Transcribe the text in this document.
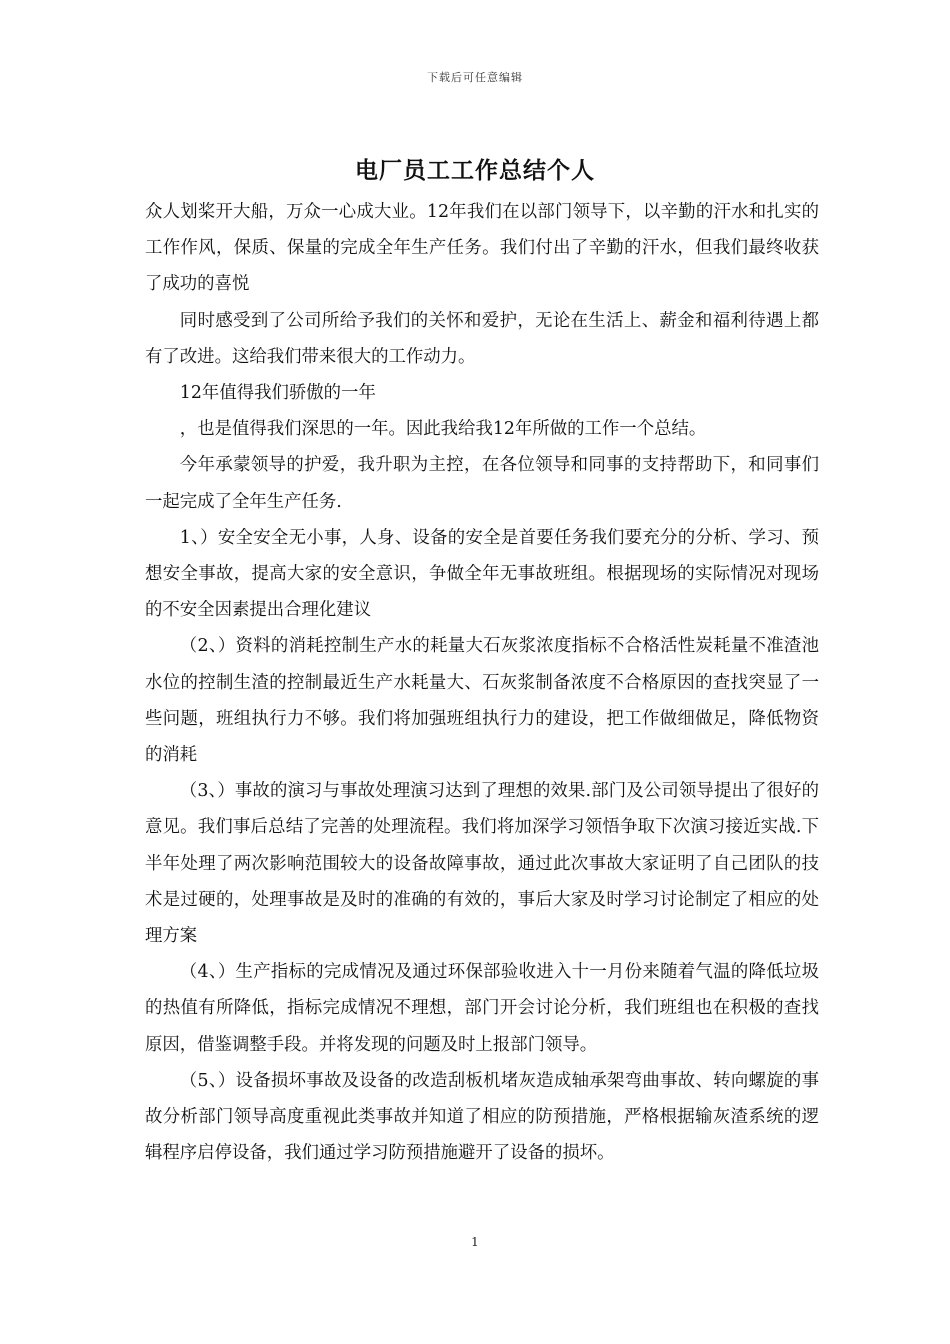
下载后可任意编辑
电厂员工工作总结个人

众人划桨开大船，万众一心成大业。12年我们在以部门领导下，以辛勤的汗水和扎实的工作作风，保质、保量的完成全年生产任务。我们付出了辛勤的汗水，但我们最终收获了成功的喜悦

同时感受到了公司所给予我们的关怀和爱护，无论在生活上、薪金和福利待遇上都有了改进。这给我们带来很大的工作动力。

12年值得我们骄傲的一年

，也是值得我们深思的一年。因此我给我12年所做的工作一个总结。

今年承蒙领导的护爱，我升职为主控，在各位领导和同事的支持帮助下，和同事们一起完成了全年生产任务.

1、）安全安全无小事，人身、设备的安全是首要任务我们要充分的分析、学习、预想安全事故，提高大家的安全意识，争做全年无事故班组。根据现场的实际情况对现场的不安全因素提出合理化建议

（2、）资料的消耗控制生产水的耗量大石灰浆浓度指标不合格活性炭耗量不准渣池水位的控制生渣的控制最近生产水耗量大、石灰浆制备浓度不合格原因的查找突显了一些问题，班组执行力不够。我们将加强班组执行力的建设，把工作做细做足，降低物资的消耗

（3、）事故的演习与事故处理演习达到了理想的效果.部门及公司领导提出了很好的意见。我们事后总结了完善的处理流程。我们将加深学习领悟争取下次演习接近实战.下半年处理了两次影响范围较大的设备故障事故，通过此次事故大家证明了自己团队的技术是过硬的，处理事故是及时的准确的有效的，事后大家及时学习讨论制定了相应的处理方案

（4、）生产指标的完成情况及通过环保部验收进入十一月份来随着气温的降低垃圾的热值有所降低，指标完成情况不理想，部门开会讨论分析，我们班组也在积极的查找原因，借鉴调整手段。并将发现的问题及时上报部门领导。

（5、）设备损坏事故及设备的改造刮板机堵灰造成轴承架弯曲事故、转向螺旋的事故分析部门领导高度重视此类事故并知道了相应的防预措施，严格根据输灰渣系统的逻辑程序启停设备，我们通过学习防预措施避开了设备的损坏。

1
